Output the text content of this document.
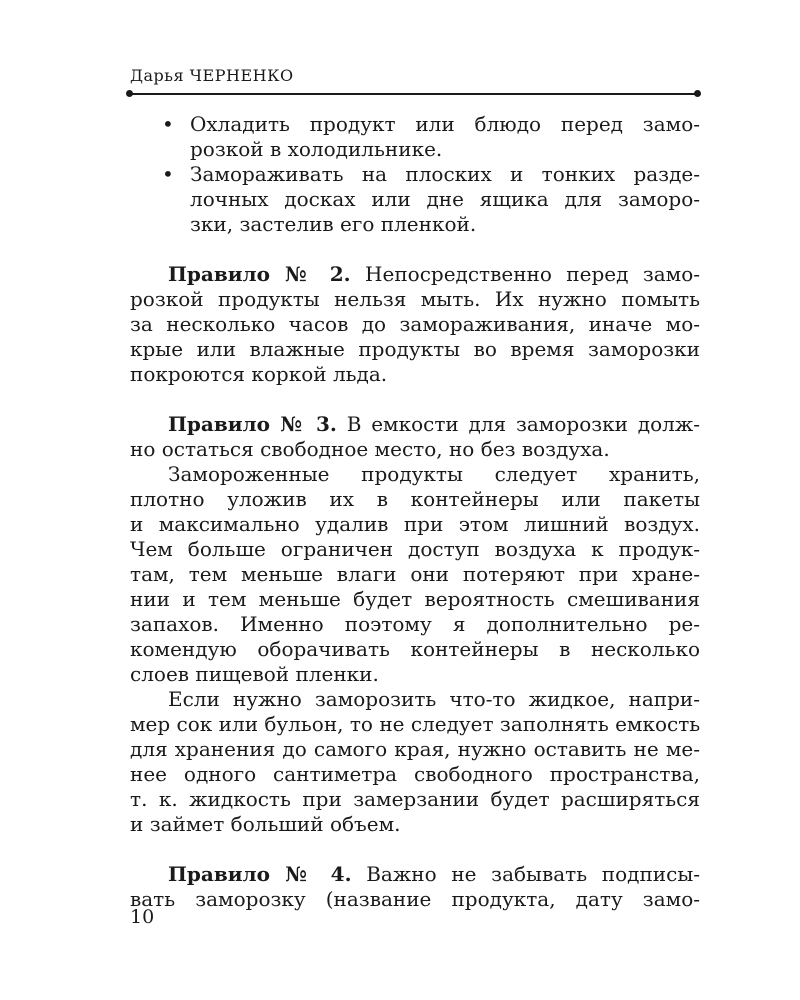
Дарья ЧЕРНЕНКО
• Охладить продукт или блюдо перед замо-
розкой в холодильнике.
• Замораживать на плоских и тонких разде-
лочных досках или дне ящика для заморо-
зки, застелив его пленкой.
Правило № 2. Непосредственно перед замо-
розкой продукты нельзя мыть. Их нужно помыть
за несколько часов до замораживания, иначе мо-
крые или влажные продукты во время заморозки
покроются коркой льда.
Правило № 3. В емкости для заморозки долж-
но остаться свободное место, но без воздуха.
Замороженные продукты следует хранить,
плотно уложив их в контейнеры или пакеты
и максимально удалив при этом лишний воздух.
Чем больше ограничен доступ воздуха к продук-
там, тем меньше влаги они потеряют при хране-
нии и тем меньше будет вероятность смешивания
запахов. Именно поэтому я дополнительно ре-
комендую оборачивать контейнеры в несколько
слоев пищевой пленки.
Если нужно заморозить что-то жидкое, напри-
мер сок или бульон, то не следует заполнять емкость
для хранения до самого края, нужно оставить не ме-
нее одного сантиметра свободного пространства,
т. к. жидкость при замерзании будет расширяться
и займет больший объем.
Правило № 4. Важно не забывать подписы-
вать заморозку (название продукта, дату замо-
10
